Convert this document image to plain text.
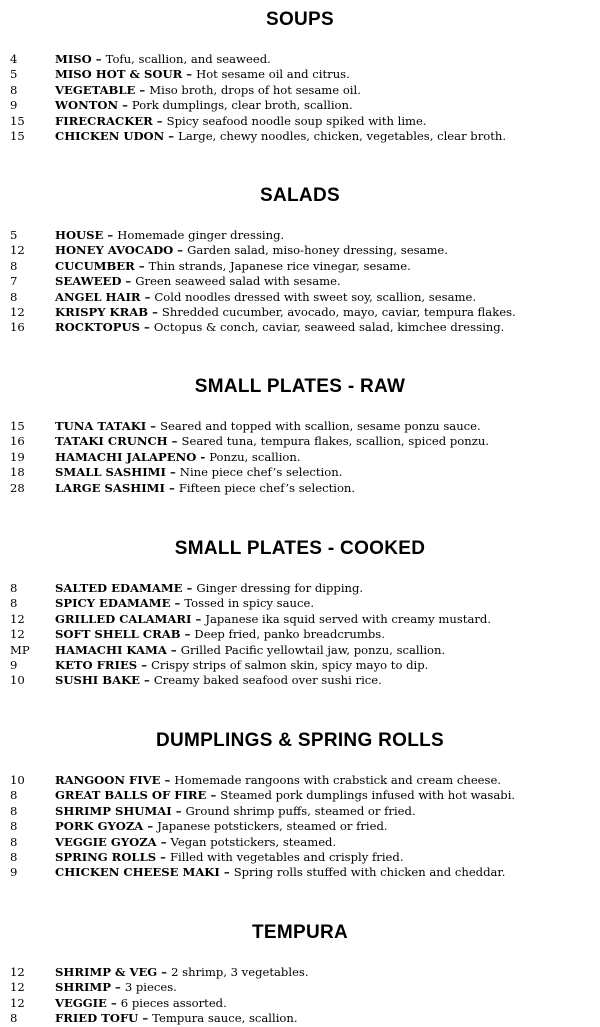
SOUPS
4	MISO – Tofu, scallion, and seaweed.
5	MISO HOT & SOUR – Hot sesame oil and citrus.
8	VEGETABLE – Miso broth, drops of hot sesame oil.
9	WONTON – Pork dumplings, clear broth, scallion.
15	FIRECRACKER – Spicy seafood noodle soup spiked with lime.
15	CHICKEN UDON – Large, chewy noodles, chicken, vegetables, clear broth.
SALADS
5	HOUSE – Homemade ginger dressing.
12	HONEY AVOCADO – Garden salad, miso-honey dressing, sesame.
8	CUCUMBER – Thin strands, Japanese rice vinegar, sesame.
7	SEAWEED – Green seaweed salad with sesame.
8	ANGEL HAIR – Cold noodles dressed with sweet soy, scallion, sesame.
12	KRISPY KRAB – Shredded cucumber, avocado, mayo, caviar, tempura flakes.
16	ROCKTOPUS – Octopus & conch, caviar, seaweed salad, kimchee dressing.
SMALL PLATES - RAW
15	TUNA TATAKI – Seared and topped with scallion, sesame ponzu sauce.
16	TATAKI CRUNCH – Seared tuna, tempura flakes, scallion, spiced ponzu.
19	HAMACHI JALAPENO - Ponzu, scallion.
18	SMALL SASHIMI – Nine piece chef’s selection.
28	LARGE SASHIMI – Fifteen piece chef’s selection.
SMALL PLATES - COOKED
8	SALTED EDAMAME – Ginger dressing for dipping.
8	SPICY EDAMAME – Tossed in spicy sauce.
12	GRILLED CALAMARI – Japanese ika squid served with creamy mustard.
12	SOFT SHELL CRAB – Deep fried, panko breadcrumbs.
MP	HAMACHI KAMA – Grilled Pacific yellowtail jaw, ponzu, scallion.
9	KETO FRIES – Crispy strips of salmon skin, spicy mayo to dip.
10	SUSHI BAKE – Creamy baked seafood over sushi rice.
DUMPLINGS & SPRING ROLLS
10	RANGOON FIVE – Homemade rangoons with crabstick and cream cheese.
8	GREAT BALLS OF FIRE – Steamed pork dumplings infused with hot wasabi.
8	SHRIMP SHUMAI – Ground shrimp puffs, steamed or fried.
8	PORK GYOZA – Japanese potstickers, steamed or fried.
8	VEGGIE GYOZA – Vegan potstickers, steamed.
8	SPRING ROLLS – Filled with vegetables and crisply fried.
9	CHICKEN CHEESE MAKI – Spring rolls stuffed with chicken and cheddar.
TEMPURA
12	SHRIMP & VEG – 2 shrimp, 3 vegetables.
12	SHRIMP – 3 pieces.
12	VEGGIE – 6 pieces assorted.
8	FRIED TOFU – Tempura sauce, scallion.
